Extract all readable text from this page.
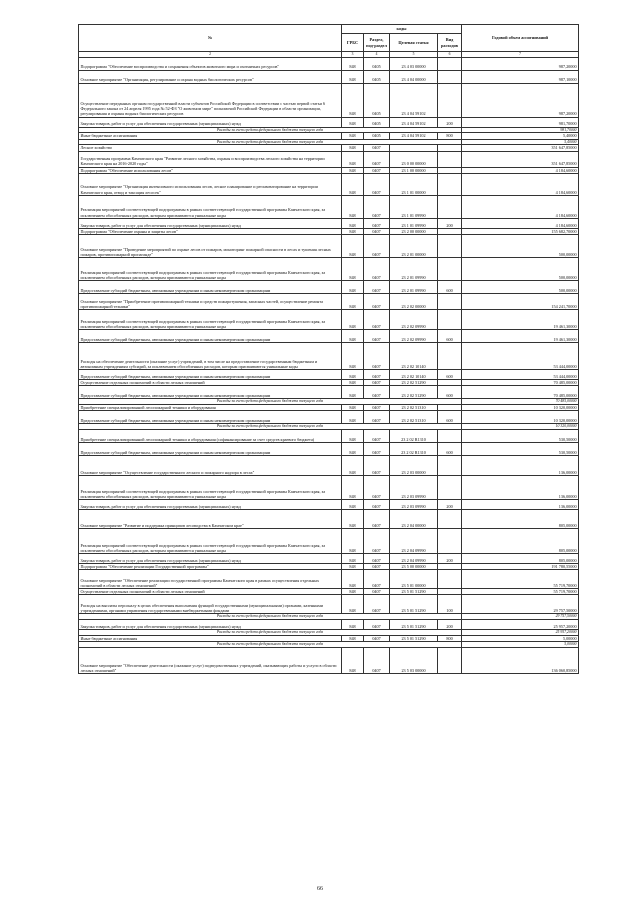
№	коды				Годовой объем ассигнований
	ГРБС	Раздел, под-раздел	Целевая статья	Вид расходов	
2	3	4	5	6	7
Подпрограмма "Обеспечение воспроизводства и сохранения объектов животного мира и охотничьих ресурсов"	848	0405	23 4 03 00000		987,20000
Основное мероприятие "Организация, регулирование и охрана водных биологических ресурсов"	848	0405	23 4 04 00000		987,10000
Осуществление переданных органам государственной власти субъектов Российской Федерации в соответствии с частью первой статьи 6 Федерального закона от 24 апреля 1995 года № 52-ФЗ "О животном мире" полномочий Российской Федерации в области организации, регулирования и охраны водных биологических ресурсов	848	0405	23 4 04 59102		987,20000
Закупка товаров, работ и услуг для обеспечения государственных (муниципальных) нужд	848	0405	23 4 04 59102	200	981,70000
Расходы за счет средств федерального бюджета текущего года					981,70000
Иные бюджетные ассигнования	848	0405	23 4 04 59102	800	5,40000
Расходы за счет средств федерального бюджета текущего года					5,40000
Лесное хозяйство	848	0407			351 647,85000
Государственная программа Камчатского края "Развитие лесного хозяйства, охраны и воспроизводства лесного хозяйства на территории Камчатского края на 2016-2020 годы"	848	0407	23 0 00 00000		351 647,85000
Подпрограмма "Обеспечение использования лесов"	848	0407	23 1 00 00000		4 184,60000
Основное мероприятие "Организация интенсивного использования лесов, лесное планирование и регламентирование на территории Камчатского края, отвод и таксация лесосек"	848	0407	23 1 01 00000		4 184,60000
Реализация мероприятий соответствующей подпрограммы в рамках соответствующей государственной программы Камчатского края, за исключением обособленных расходов, которым присваиваются уникальные коды	848	0407	23 1 01 09990		4 184,60000
Закупка товаров, работ и услуг для обеспечения государственных (муниципальных) нужд	848	0407	23 1 01 09990	200	4 184,60000
Подпрограмма "Обеспечение охраны и защиты лесов"	848	0407	23 2 00 00000		155 682,70000
Основное мероприятие "Проведение мероприятий по охране лесов от пожаров, мониторинг пожарной опасности в лесах и тушения лесных пожаров, противопожарной пропаганде"	848	0407	23 2 01 00000		500,00000
Реализация мероприятий соответствующей подпрограммы в рамках соответствующей государственной программы Камчатского края, за исключением обособленных расходов, которым присваиваются уникальные коды	848	0407	23 2 01 09990		500,00000
Предоставление субсидий бюджетным, автономным учреждениям и иным некоммерческим организациям	848	0407	23 2 01 09990	600	500,00000
Основное мероприятие "Приобретение противопожарной техники и средств пожаротушения, запасных частей, осуществление ремонта противопожарной техники"	848	0407	23 2 02 00000		154 241,70000
Реализация мероприятий соответствующей подпрограммы в рамках соответствующей государственной программы Камчатского края, за исключением обособленных расходов, которым присваиваются уникальные коды	848	0407	23 2 02 09990		19 461,30000
Предоставление субсидий бюджетным, автономным учреждениям и иным некоммерческим организациям	848	0407	23 2 02 09990	600	19 461,30000
Расходы на обеспечение деятельности (оказание услуг) учреждений, в том числе на предоставление государственным бюджетным и автономным учреждениям субсидий, за исключением обособленных расходов, которым присваиваются уникальные коды	848	0407	23 2 02 10140		53 444,00000
Предоставление субсидий бюджетным, автономным учреждениям и иным некоммерческим организациям	848	0407	23 2 02 10140	600	53 444,00000
Осуществление отдельных полномочий в области лесных отношений	848	0407	23 2 02 51290		70 485,00000
Предоставление субсидий бюджетным, автономным учреждениям и иным некоммерческим организациям	848	0407	23 2 02 51290	600	70 485,00000
Расходы за счет средств федерального бюджета текущего года					70 485,00000
Приобретение специализированной лесопожарной техники и оборудования	848	0407	23 2 02 51310		10 320,00000
Предоставление субсидий бюджетным, автономным учреждениям и иным некоммерческим организациям	848	0407	23 2 02 51310	600	10 320,00000
Расходы за счет средств федерального бюджета текущего года					10 320,00000
Приобретение специализированной лесопожарной техники и оборудования (софинансирование за счет средств краевого бюджета)	848	0407	23 2 02 R1310		530,50000
Предоставление субсидий бюджетным, автономным учреждениям и иным некоммерческим организациям	848	0407	23 2 02 R1310	600	530,50000
Основное мероприятие "Осуществление государственного лесного и пожарного надзора в лесах"	848	0407	23 2 03 00000		136,00000
Реализация мероприятий соответствующей подпрограммы в рамках соответствующей государственной программы Камчатского края, за исключением обособленных расходов, которым присваиваются уникальные коды	848	0407	23 2 03 09990		136,00000
Закупка товаров, работ и услуг для обеспечения государственных (муниципальных) нужд	848	0407	23 2 03 09990	200	136,00000
Основное мероприятие "Развитие и поддержка принципов лесоводства в Камчатском крае"	848	0407	23 2 04 00000		805,00000
Реализация мероприятий соответствующей подпрограммы в рамках соответствующей государственной программы Камчатского края, за исключением обособленных расходов, которым присваиваются уникальные коды	848	0407	23 2 04 09990		805,00000
Закупка товаров, работ и услуг для обеспечения государственных (муниципальных) нужд	848	0407	23 2 04 09990	200	805,00000
Подпрограмма "Обеспечение реализации Государственной программы"	848	0407	23 5 00 00000		191 780,55000
Основное мероприятие "Обеспечение реализации государственной программы Камчатского края в рамках осуществления отдельных полномочий в области лесных отношений"	848	0407	23 5 01 00000		55 719,70000
Осуществление отдельных полномочий в области лесных отношений	848	0407	23 5 01 51290		55 719,70000
Расходы на выплаты персоналу в целях обеспечения выполнения функций государственными (муниципальными) органами, казенными учреждениями, органами управления государственными внебюджетными фондами	848	0407	23 5 01 51290	100	29 757,50000
Расходы за счет средств федерального бюджета текущего года					29 757,50000
Закупка товаров, работ и услуг для обеспечения государственных (муниципальных) нужд	848	0407	23 5 01 51290	200	25 957,20000
Расходы за счет средств федерального бюджета текущего года					25 957,20000
Иные бюджетные ассигнования	848	0407	23 5 01 51290	800	5,00000
Расходы за счет средств федерального бюджета текущего года					5,00000
Основное мероприятие "Обеспечение деятельности (оказание услуг) подведомственных учреждений, оказывающих работы и услуги в области лесных отношений"	848	0407	23 5 03 00000		136 060,85000
66
